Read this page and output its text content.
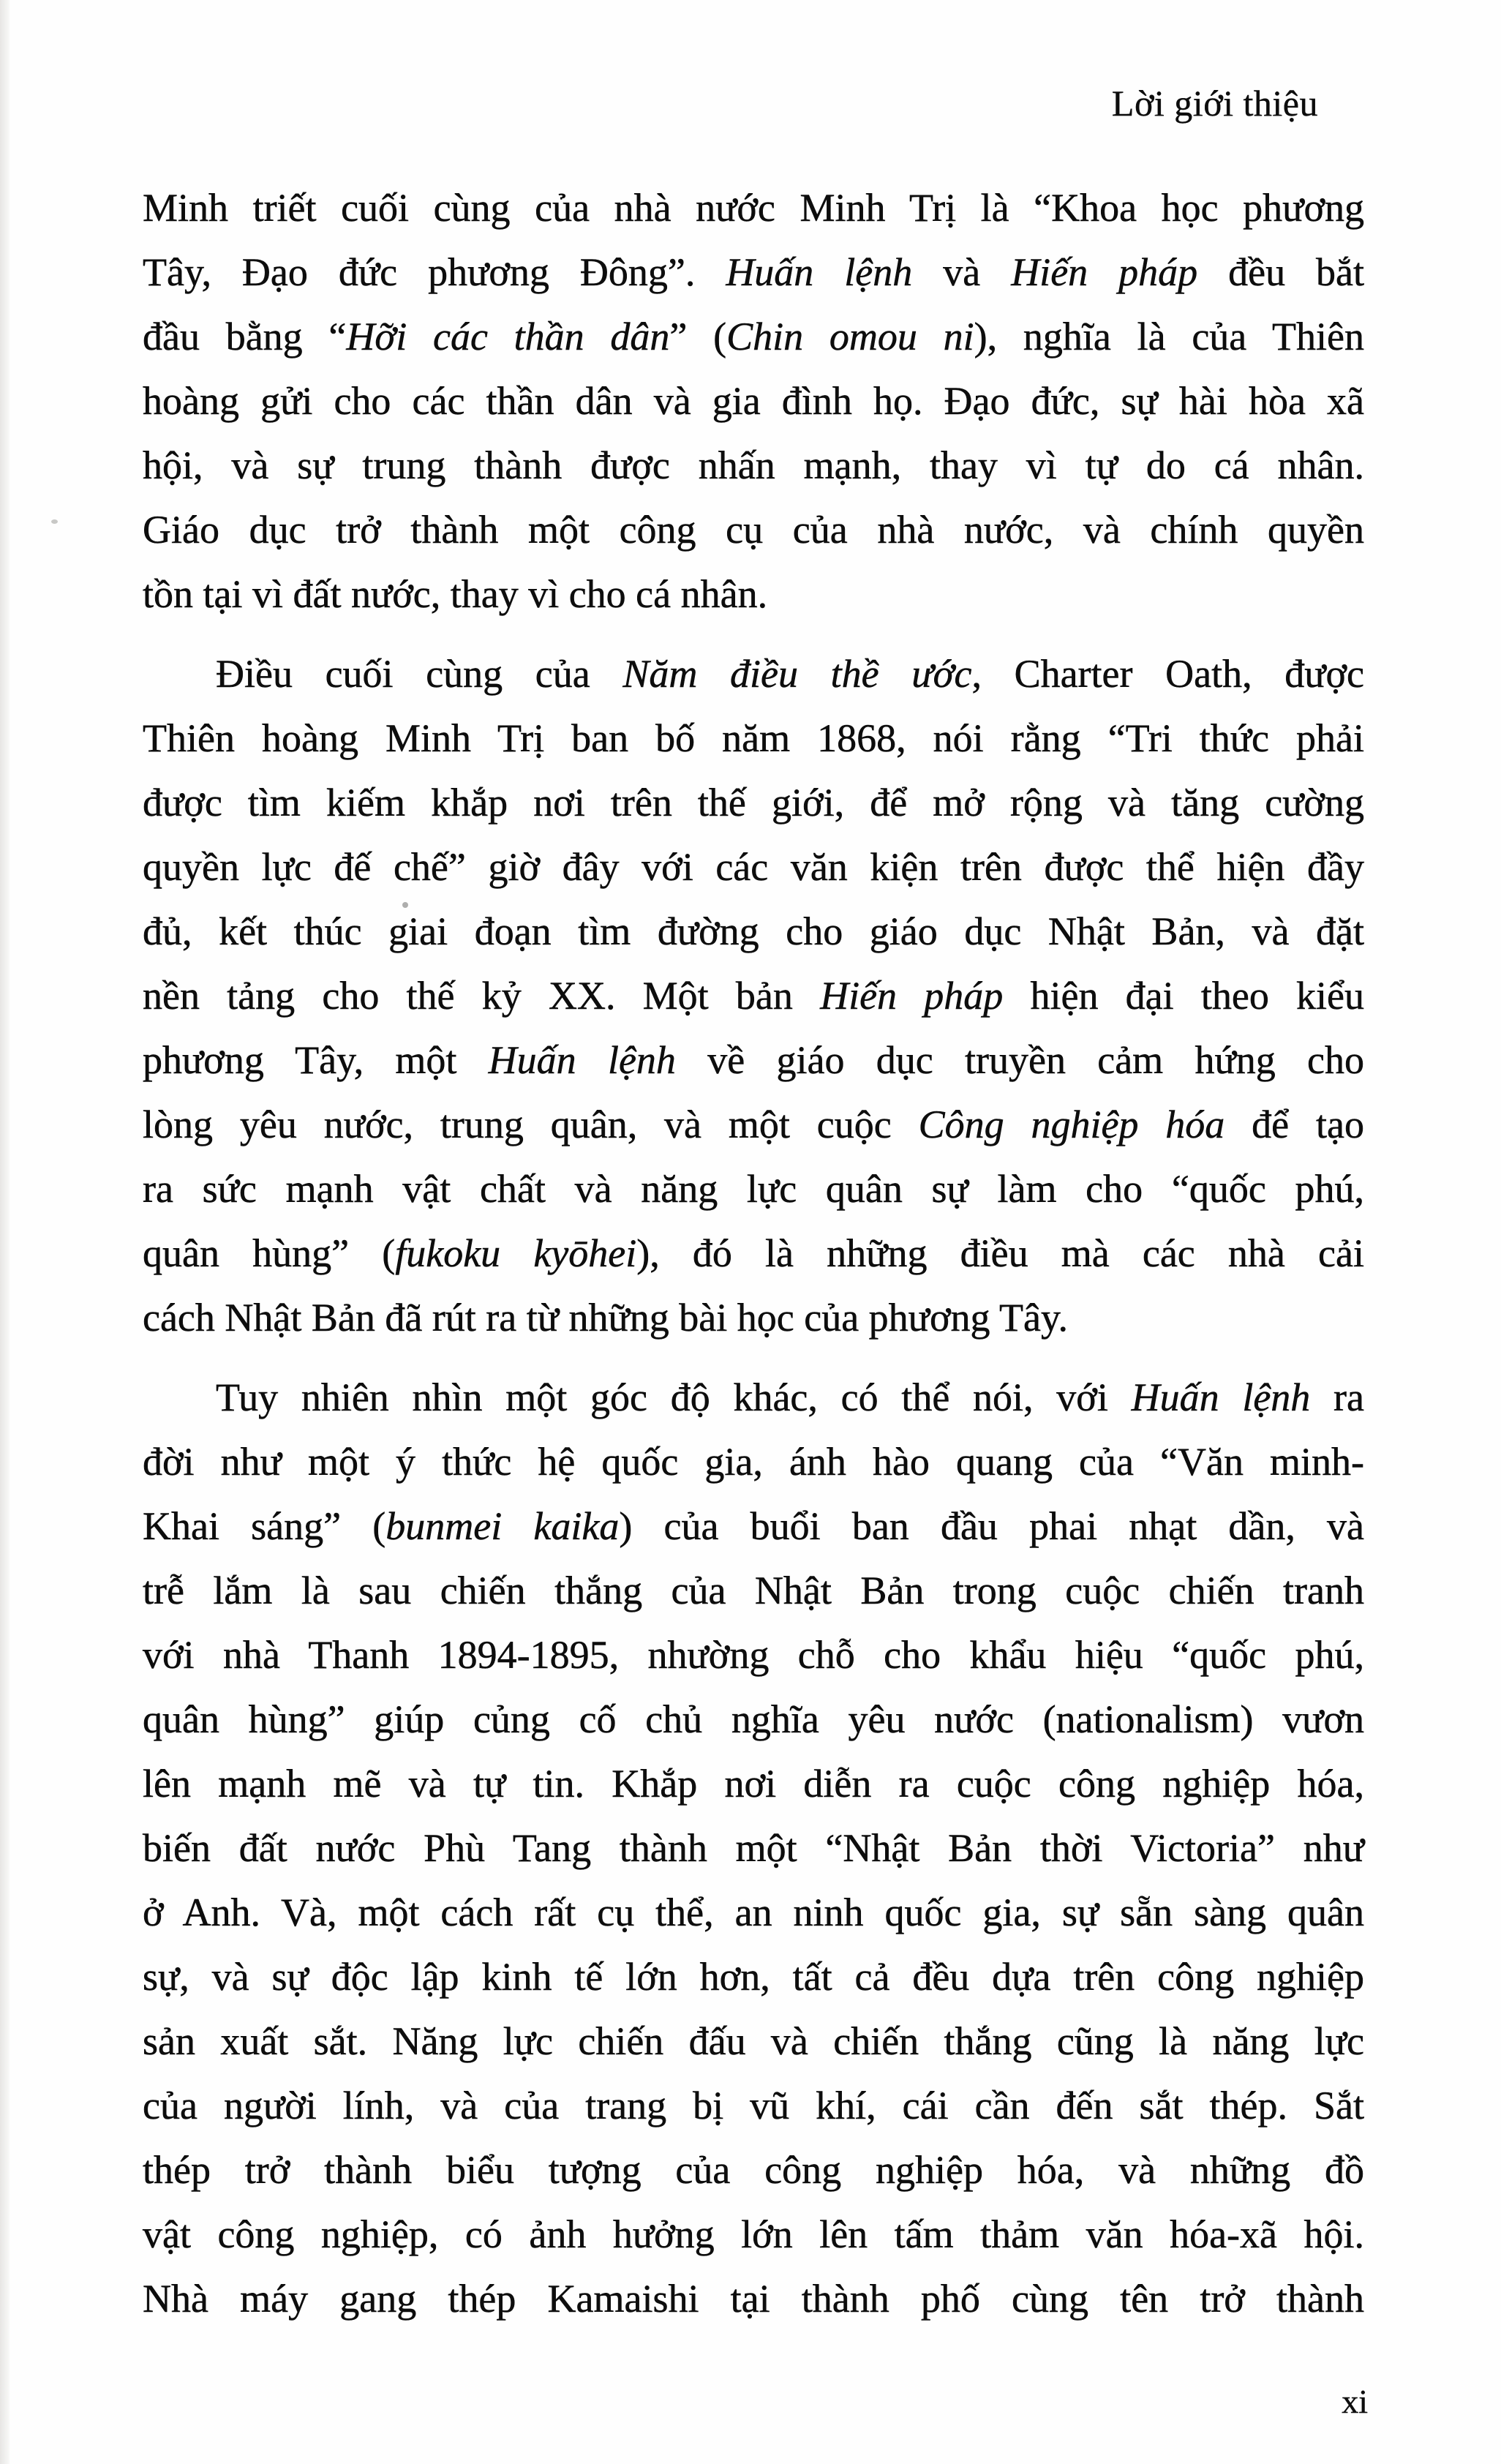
Lời giới thiệu
Minh triết cuối cùng của nhà nước Minh Trị là “Khoa học phương
Tây, Đạo đức phương Đông”. Huấn lệnh và Hiến pháp đều bắt
đầu bằng “Hỡi các thần dân” (Chin omou ni), nghĩa là của Thiên
hoàng gửi cho các thần dân và gia đình họ. Đạo đức, sự hài hòa xã
hội, và sự trung thành được nhấn mạnh, thay vì tự do cá nhân.
Giáo dục trở thành một công cụ của nhà nước, và chính quyền
tồn tại vì đất nước, thay vì cho cá nhân.
Điều cuối cùng của Năm điều thề ước, Charter Oath, được
Thiên hoàng Minh Trị ban bố năm 1868, nói rằng “Tri thức phải
được tìm kiếm khắp nơi trên thế giới, để mở rộng và tăng cường
quyền lực đế chế” giờ đây với các văn kiện trên được thể hiện đầy
đủ, kết thúc giai đoạn tìm đường cho giáo dục Nhật Bản, và đặt
nền tảng cho thế kỷ XX. Một bản Hiến pháp hiện đại theo kiểu
phương Tây, một Huấn lệnh về giáo dục truyền cảm hứng cho
lòng yêu nước, trung quân, và một cuộc Công nghiệp hóa để tạo
ra sức mạnh vật chất và năng lực quân sự làm cho “quốc phú,
quân hùng” (fukoku kyōhei), đó là những điều mà các nhà cải
cách Nhật Bản đã rút ra từ những bài học của phương Tây.
Tuy nhiên nhìn một góc độ khác, có thể nói, với Huấn lệnh ra
đời như một ý thức hệ quốc gia, ánh hào quang của “Văn minh-
Khai sáng” (bunmei kaika) của buổi ban đầu phai nhạt dần, và
trễ lắm là sau chiến thắng của Nhật Bản trong cuộc chiến tranh
với nhà Thanh 1894-1895, nhường chỗ cho khẩu hiệu “quốc phú,
quân hùng” giúp củng cố chủ nghĩa yêu nước (nationalism) vươn
lên mạnh mẽ và tự tin. Khắp nơi diễn ra cuộc công nghiệp hóa,
biến đất nước Phù Tang thành một “Nhật Bản thời Victoria” như
ở Anh. Và, một cách rất cụ thể, an ninh quốc gia, sự sẵn sàng quân
sự, và sự độc lập kinh tế lớn hơn, tất cả đều dựa trên công nghiệp
sản xuất sắt. Năng lực chiến đấu và chiến thắng cũng là năng lực
của người lính, và của trang bị vũ khí, cái cần đến sắt thép. Sắt
thép trở thành biểu tượng của công nghiệp hóa, và những đồ
vật công nghiệp, có ảnh hưởng lớn lên tấm thảm văn hóa-xã hội.
Nhà máy gang thép Kamaishi tại thành phố cùng tên trở thành
xi
